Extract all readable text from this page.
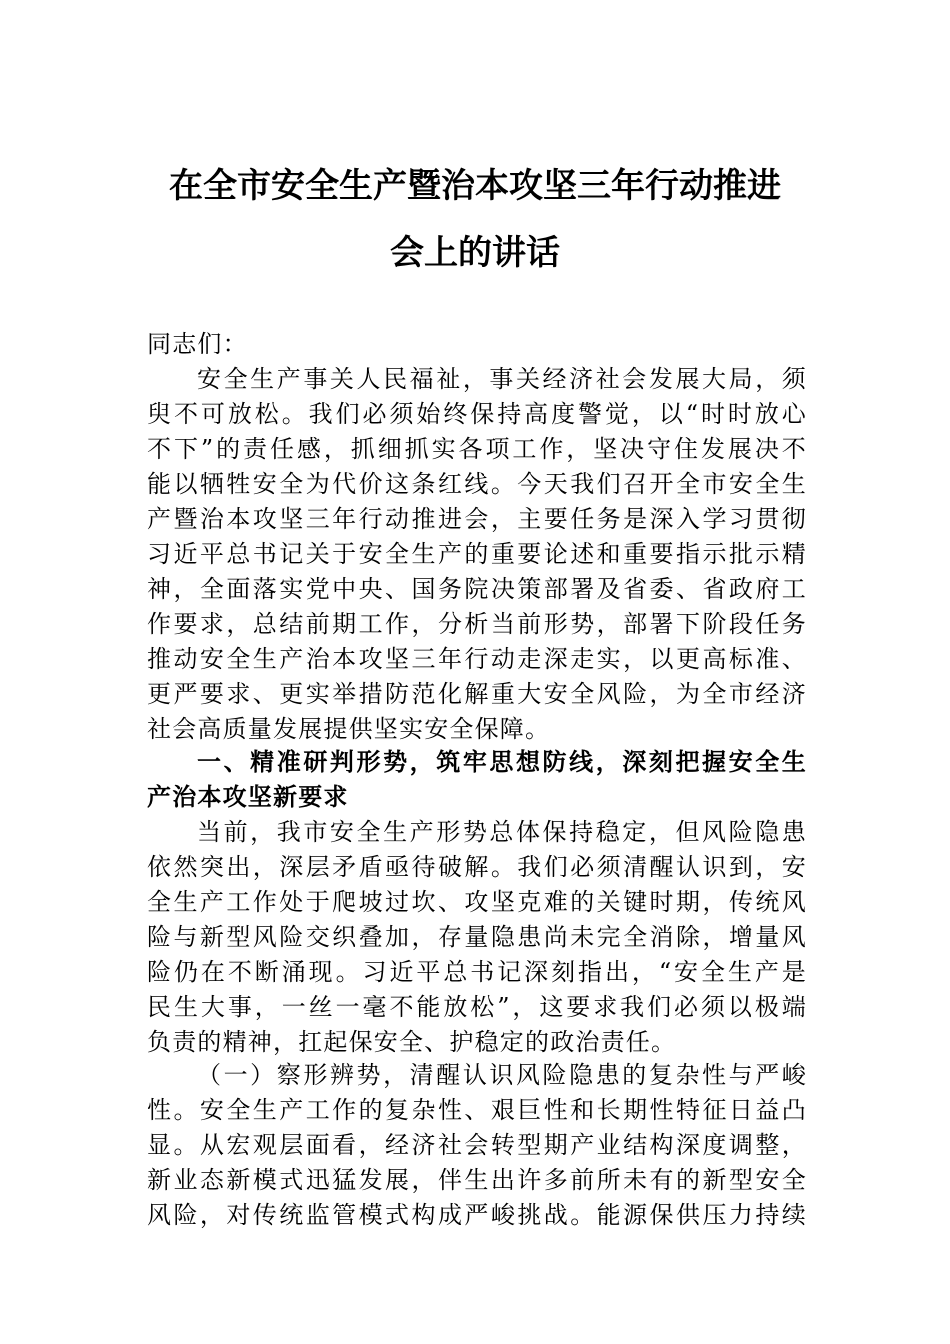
在全市安全生产暨治本攻坚三年行动推进
会上的讲话
同志们：
安全生产事关人民福祉，事关经济社会发展大局，须
臾不可放松。我们必须始终保持高度警觉，以“时时放心
不下”的责任感，抓细抓实各项工作，坚决守住发展决不
能以牺牲安全为代价这条红线。今天我们召开全市安全生
产暨治本攻坚三年行动推进会，主要任务是深入学习贯彻
习近平总书记关于安全生产的重要论述和重要指示批示精
神，全面落实党中央、国务院决策部署及省委、省政府工
作要求，总结前期工作，分析当前形势，部署下阶段任务
推动安全生产治本攻坚三年行动走深走实，以更高标准、
更严要求、更实举措防范化解重大安全风险，为全市经济
社会高质量发展提供坚实安全保障。
一、精准研判形势，筑牢思想防线，深刻把握安全生
产治本攻坚新要求
当前，我市安全生产形势总体保持稳定，但风险隐患
依然突出，深层矛盾亟待破解。我们必须清醒认识到，安
全生产工作处于爬坡过坎、攻坚克难的关键时期，传统风
险与新型风险交织叠加，存量隐患尚未完全消除，增量风
险仍在不断涌现。习近平总书记深刻指出，“安全生产是
民生大事，一丝一毫不能放松”，这要求我们必须以极端
负责的精神，扛起保安全、护稳定的政治责任。
（一）察形辨势，清醒认识风险隐患的复杂性与严峻
性。安全生产工作的复杂性、艰巨性和长期性特征日益凸
显。从宏观层面看，经济社会转型期产业结构深度调整，
新业态新模式迅猛发展，伴生出许多前所未有的新型安全
风险，对传统监管模式构成严峻挑战。能源保供压力持续
